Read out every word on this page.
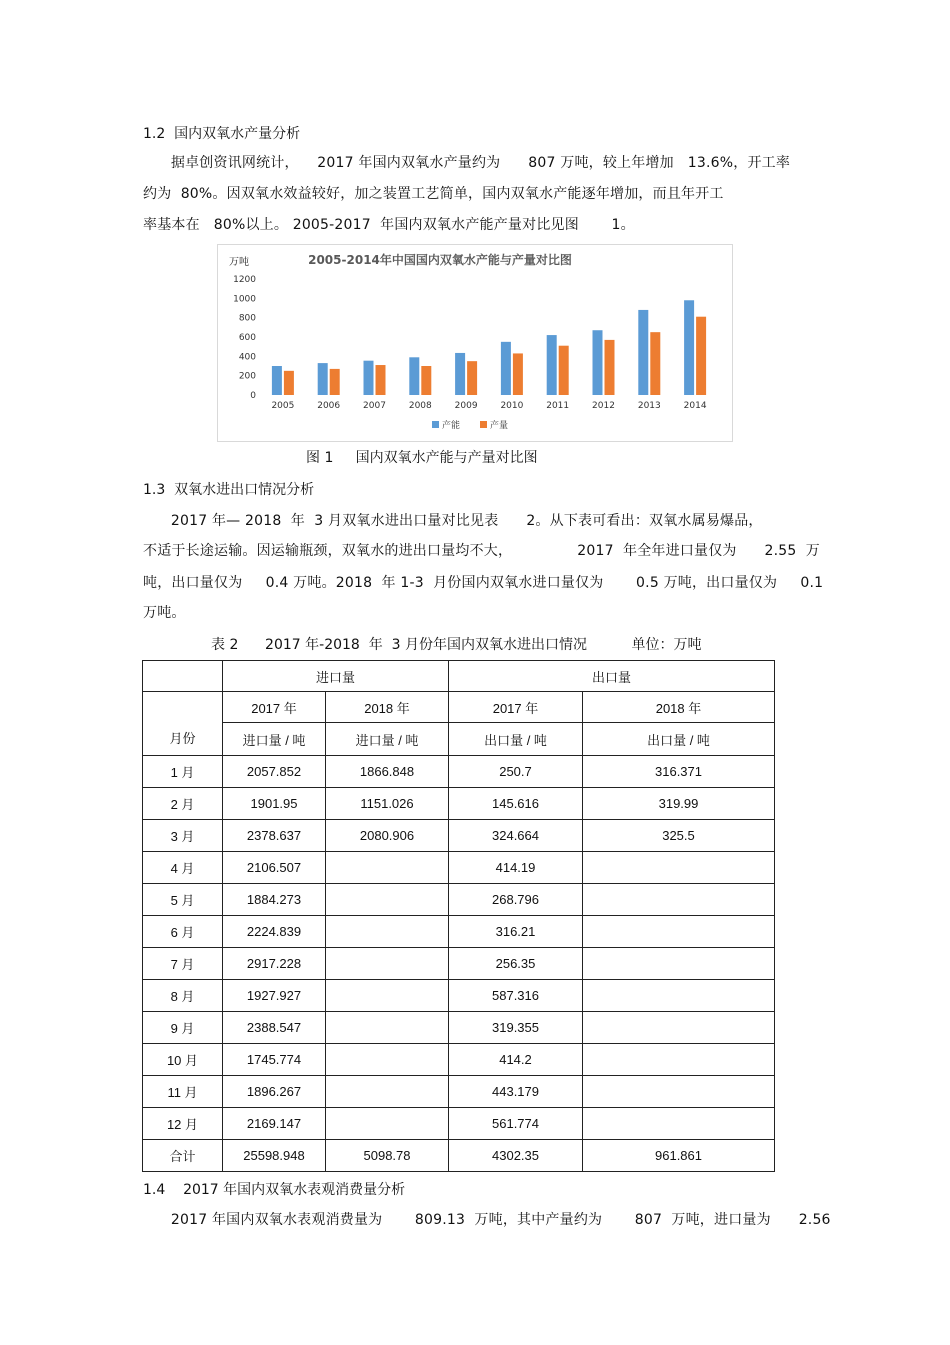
1.2  国内双氧水产量分析
据卓创资讯网统计，    2017 年国内双氧水产量约为      807 万吨，较上年增加   13.6%，开工率
约为  80%。因双氧水效益较好，加之装置工艺简单，国内双氧水产能逐年增加，而且年开工
率基本在   80%以上。 2005-2017  年国内双氧水产能产量对比见图       1。
2005-2014年中国国内双氧水产能与产量对比图
万吨
0
200
400
600
800
1000
1200
2005	2006	2007	2008	2009	2010	2011	2012	2013	2014
产能	产量
图 1     国内双氧水产能与产量对比图
1.3  双氧水进出口情况分析
2017 年— 2018  年  3 月双氧水进出口量对比见表      2。从下表可看出：双氧水属易爆品，
不适于长途运输。因运输瓶颈，双氧水的进出口量均不大，              2017  年全年进口量仅为      2.55  万
吨，出口量仅为     0.4 万吨。2018  年 1-3  月份国内双氧水进口量仅为       0.5 万吨，出口量仅为     0.1
万吨。
表 2      2017 年-2018  年  3 月份年国内双氧水进出口情况          单位：万吨
	进口量		出口量	
月份	2017 年	2018 年	2017 年	2018 年
	进口量 / 吨	进口量 / 吨	出口量 / 吨	出口量 / 吨
1 月	2057.852	1866.848	250.7	316.371
2 月	1901.95	1151.026	145.616	319.99
3 月	2378.637	2080.906	324.664	325.5
4 月	2106.507		414.19	
5 月	1884.273		268.796	
6 月	2224.839		316.21	
7 月	2917.228		256.35	
8 月	1927.927		587.316	
9 月	2388.547		319.355	
10 月	1745.774		414.2	
11 月	1896.267		443.179	
12 月	2169.147		561.774	
合计	25598.948	5098.78	4302.35	961.861
1.4    2017 年国内双氧水表观消费量分析
2017 年国内双氧水表观消费量为       809.13  万吨，其中产量约为       807  万吨，进口量为      2.56
